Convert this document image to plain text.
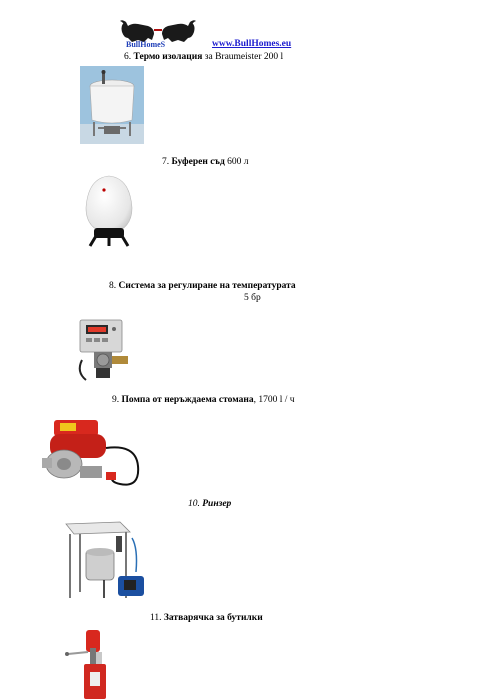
BullHomeS	www.BullHomes.eu
6. Термо изолация за Braumeister 200 l
7. Буферен съд 600 л
8. Система за регулиране на температурата
5 бр
9. Помпа от неръждаема стомана, 1700 l / ч
10. Ринзер
11. Затварячка за бутилки
